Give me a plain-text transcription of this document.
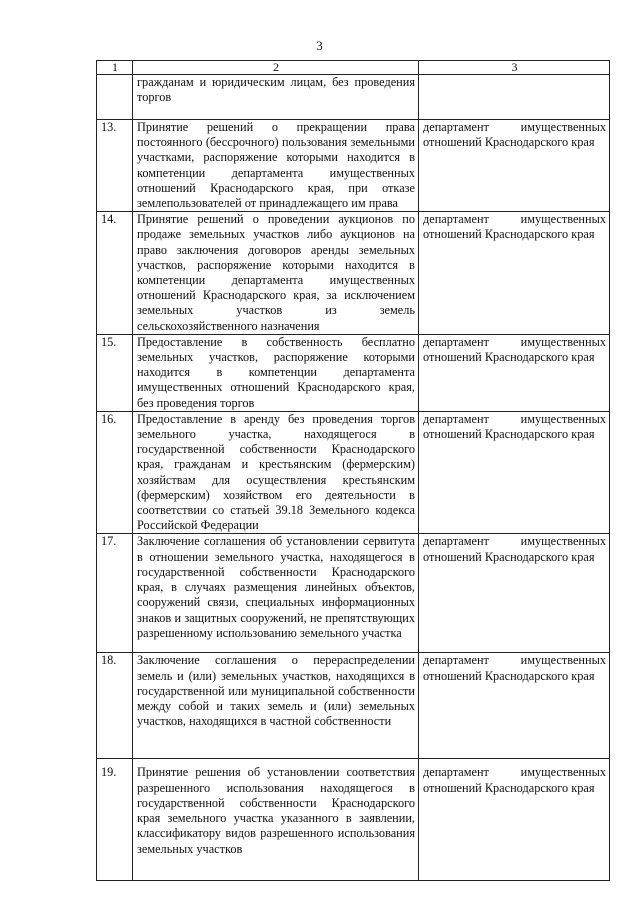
3
1	2	3
	гражданам и юридическим лицам, без проведения торгов	
13.	Принятие решений о прекращении права постоянного (бессрочного) пользования земельными участками, распоряжение которыми находится в компетенции департамента имущественных отношений Краснодарского края, при отказе землепользователей от принадлежащего им права	департамент имущественных отношений Краснодарского края
14.	Принятие решений о проведении аукционов по продаже земельных участков либо аукционов на право заключения договоров аренды земельных участков, распоряжение которыми находится в компетенции департамента имущественных отношений Краснодарского края, за исключением земельных участков из земель сельскохозяйственного назначения	департамент имущественных отношений Краснодарского края
15.	Предоставление в собственность бесплатно земельных участков, распоряжение которыми находится в компетенции департамента имущественных отношений Краснодарского края, без проведения торгов	департамент имущественных отношений Краснодарского края
16.	Предоставление в аренду без проведения торгов земельного участка, находящегося в государственной собственности Краснодарского края, гражданам и крестьянским (фермерским) хозяйствам для осуществления крестьянским (фермерским) хозяйством его деятельности в соответствии со статьей 39.18 Земельного кодекса Российской Федерации	департамент имущественных отношений Краснодарского края
17.	Заключение соглашения об установлении сервитута в отношении земельного участка, находящегося в государственной собственности Краснодарского края, в случаях размещения линейных объектов, сооружений связи, специальных информационных знаков и защитных сооружений, не препятствующих разрешенному использованию земельного участка	департамент имущественных отношений Краснодарского края
18.	Заключение соглашения о перераспределении земель и (или) земельных участков, находящихся в государственной или муниципальной собственности между собой и таких земель и (или) земельных участков, находящихся в частной собственности	департамент имущественных отношений Краснодарского края
19.	Принятие решения об установлении соответствия разрешенного использования находящегося в государственной собственности Краснодарского края земельного участка указанного в заявлении, классификатору видов разрешенного использования земельных участков	департамент имущественных отношений Краснодарского края
